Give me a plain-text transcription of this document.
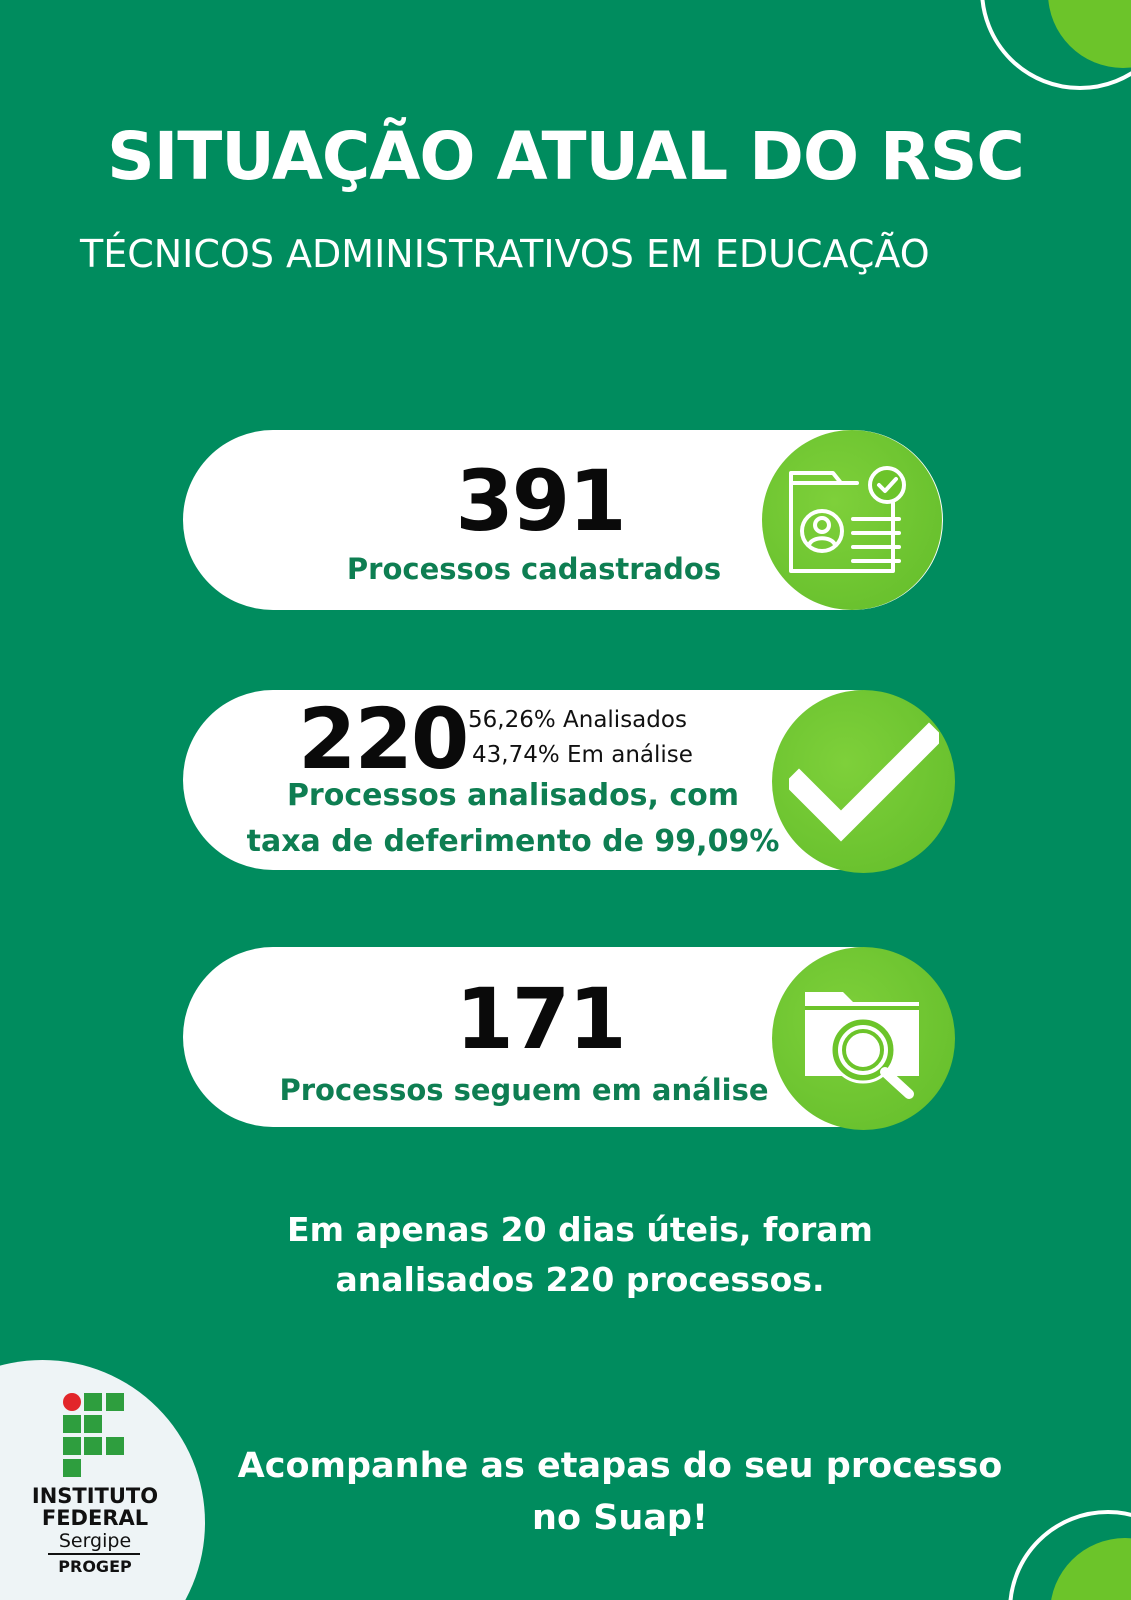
SITUAÇÃO ATUAL DO RSC
TÉCNICOS ADMINISTRATIVOS EM EDUCAÇÃO
391
Processos cadastrados
220 56,26% Analisados
43,74% Em análise
Processos analisados, com
taxa de deferimento de 99,09%
171
Processos seguem em análise
Em apenas 20 dias úteis, foram
analisados 220 processos.
Acompanhe as etapas do seu processo
no Suap!
INSTITUTO
FEDERAL
Sergipe
PROGEP
